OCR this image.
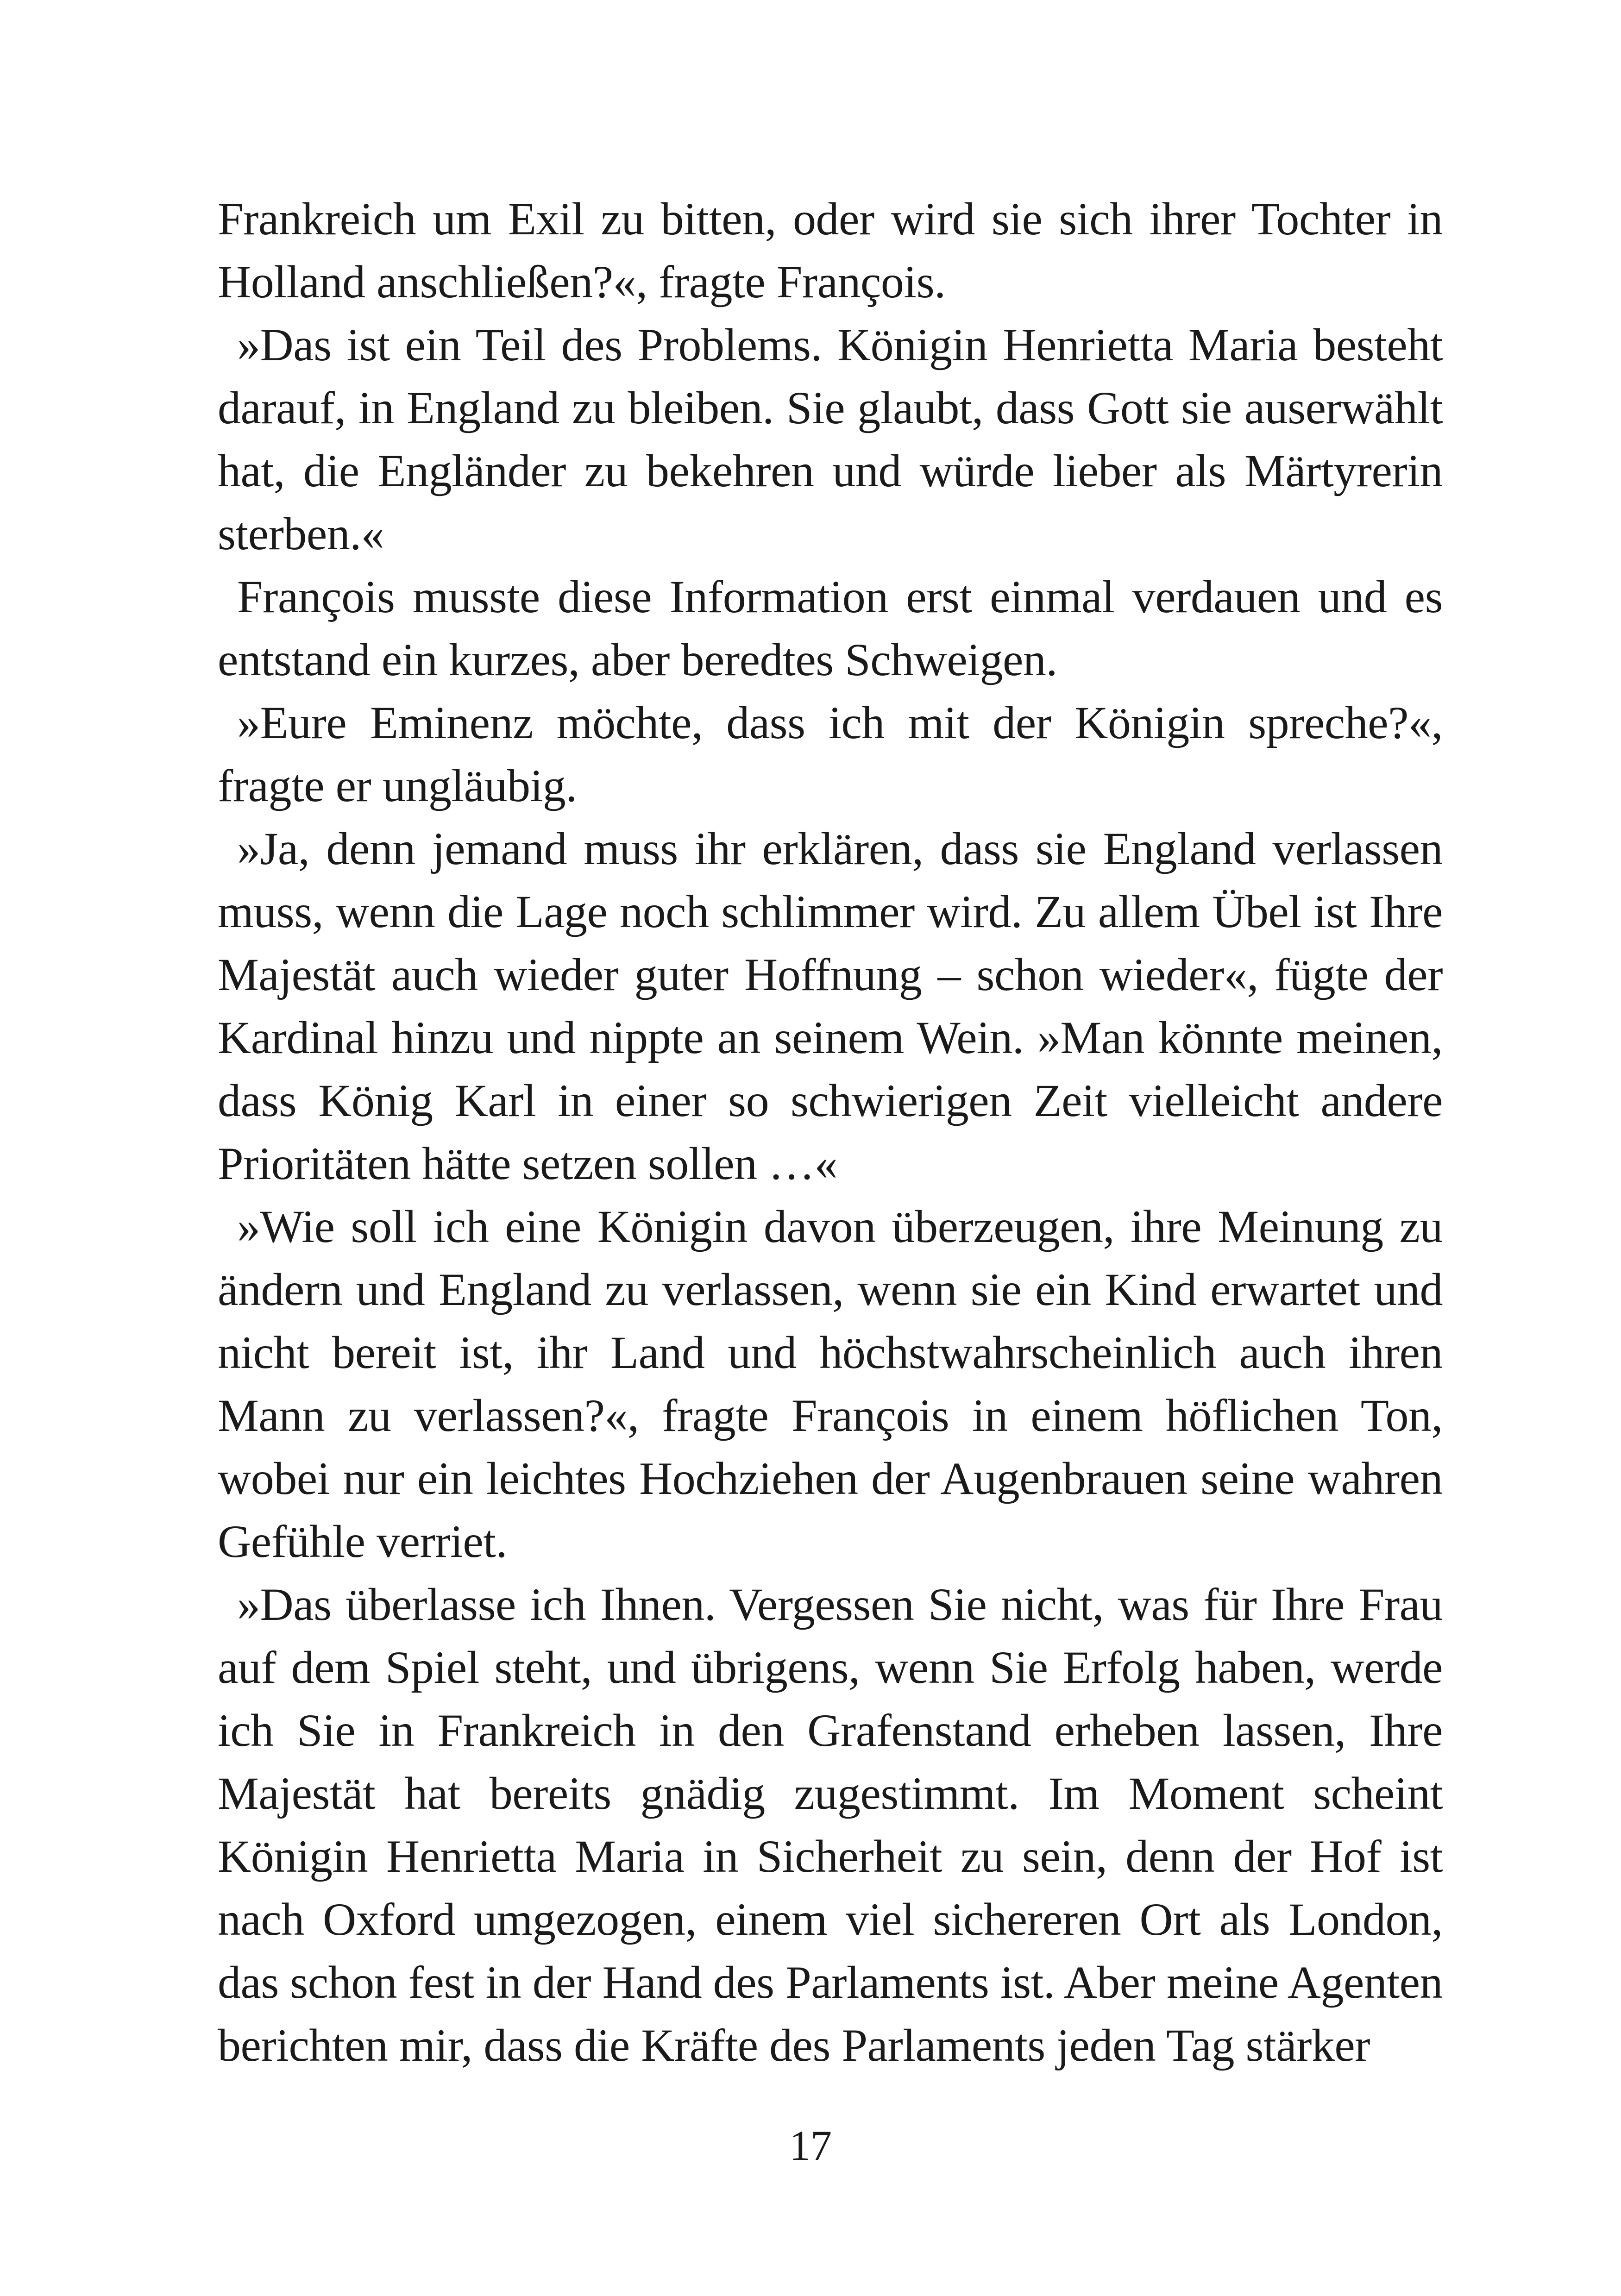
Frankreich um Exil zu bitten, oder wird sie sich ihrer Tochter in Holland anschließen?«, fragte François.

»Das ist ein Teil des Problems. Königin Henrietta Maria besteht darauf, in England zu bleiben. Sie glaubt, dass Gott sie auserwählt hat, die Engländer zu bekehren und würde lieber als Märtyrerin sterben.«

François musste diese Information erst einmal verdauen und es entstand ein kurzes, aber beredtes Schweigen.

»Eure Eminenz möchte, dass ich mit der Königin spreche?«, fragte er ungläubig.

»Ja, denn jemand muss ihr erklären, dass sie England verlassen muss, wenn die Lage noch schlimmer wird. Zu allem Übel ist Ihre Majestät auch wieder guter Hoffnung – schon wieder«, fügte der Kardinal hinzu und nippte an seinem Wein. »Man könnte meinen, dass König Karl in einer so schwierigen Zeit vielleicht andere Prioritäten hätte setzen sollen …«

»Wie soll ich eine Königin davon überzeugen, ihre Meinung zu ändern und England zu verlassen, wenn sie ein Kind erwartet und nicht bereit ist, ihr Land und höchstwahrscheinlich auch ihren Mann zu verlassen?«, fragte François in einem höflichen Ton, wobei nur ein leichtes Hochziehen der Augenbrauen seine wahren Gefühle verriet.

»Das überlasse ich Ihnen. Vergessen Sie nicht, was für Ihre Frau auf dem Spiel steht, und übrigens, wenn Sie Erfolg haben, werde ich Sie in Frankreich in den Grafenstand erheben lassen, Ihre Majestät hat bereits gnädig zugestimmt. Im Moment scheint Königin Henrietta Maria in Sicherheit zu sein, denn der Hof ist nach Oxford umgezogen, einem viel sichereren Ort als London, das schon fest in der Hand des Parlaments ist. Aber meine Agenten berichten mir, dass die Kräfte des Parlaments jeden Tag stärker

17
